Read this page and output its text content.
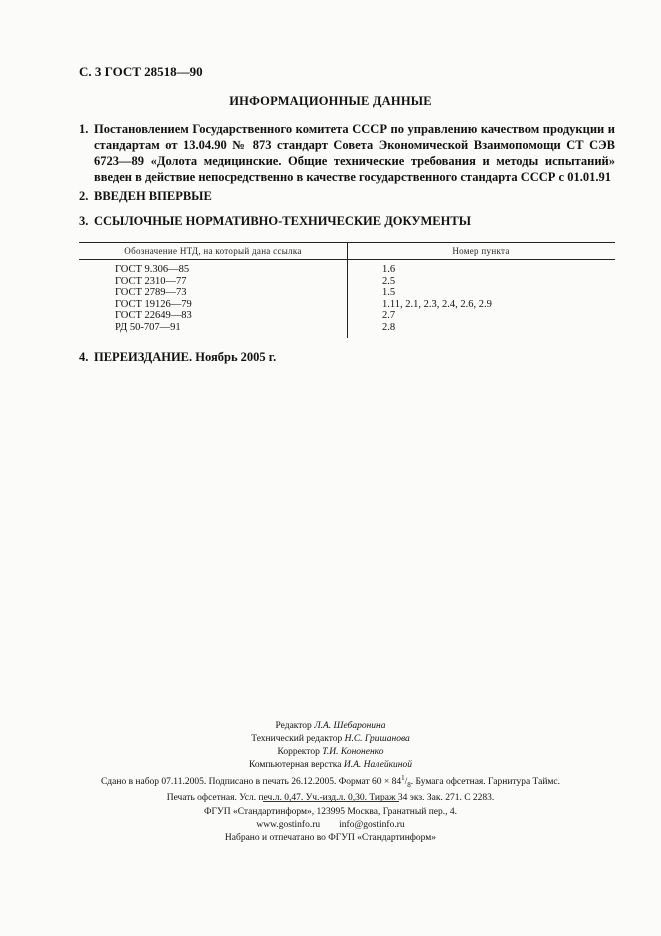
С. 3 ГОСТ 28518—90
ИНФОРМАЦИОННЫЕ ДАННЫЕ
1. Постановлением Государственного комитета СССР по управлению качеством продукции и стандартам от 13.04.90 № 873 стандарт Совета Экономической Взаимопомощи СТ СЭВ 6723—89 «Долота медицинские. Общие технические требования и методы испытаний» введен в действие непосредственно в качестве государственного стандарта СССР с 01.01.91
2. ВВЕДЕН ВПЕРВЫЕ
3. ССЫЛОЧНЫЕ НОРМАТИВНО-ТЕХНИЧЕСКИЕ ДОКУМЕНТЫ
Обозначение НТД, на который дана ссылка	Номер пункта
ГОСТ 9.306—85	1.6
ГОСТ 2310—77	2.5
ГОСТ 2789—73	1.5
ГОСТ 19126—79	1.11, 2.1, 2.3, 2.4, 2.6, 2.9
ГОСТ 22649—83	2.7
РД 50-707—91	2.8
4. ПЕРЕИЗДАНИЕ. Ноябрь 2005 г.
Редактор Л.А. Шебаронина
Технический редактор Н.С. Гришанова
Корректор Т.И. Кононенко
Компьютерная верстка И.А. Налейкиной
Сдано в набор 07.11.2005. Подписано в печать 26.12.2005. Формат $60 \times 84^1/_8$. Бумага офсетная. Гарнитура Таймс.
Печать офсетная. Усл. печ.л. 0,47. Уч.-изд.л. 0,30. Тираж 34 экз. Зак. 271. С 2283.
ФГУП «Стандартинформ», 123995 Москва, Гранатный пер., 4.
www.gostinfo.ru info@gostinfo.ru
Набрано и отпечатано во ФГУП «Стандартинформ»
